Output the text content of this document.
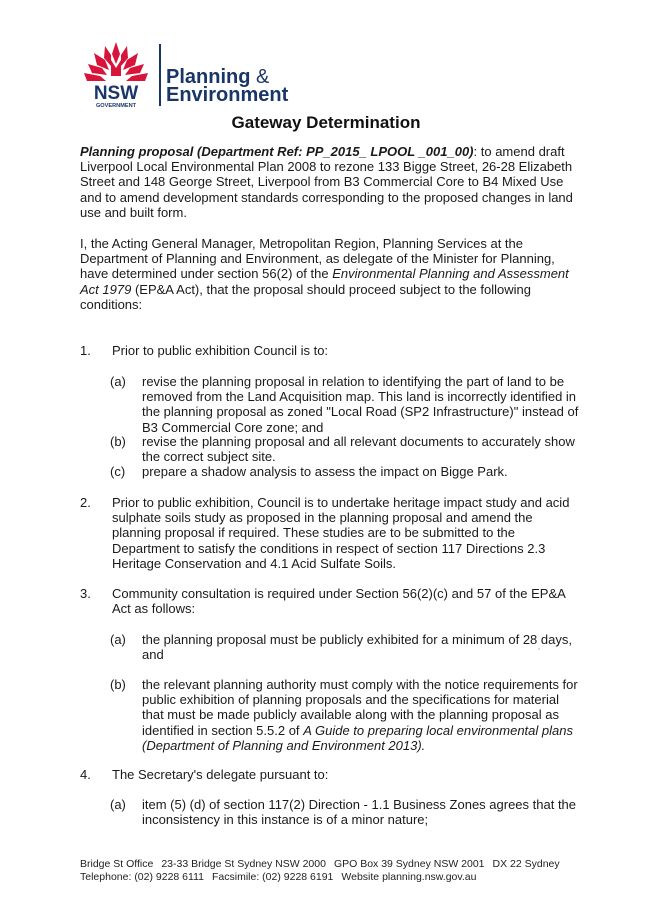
NSW
GOVERNMENT
Planning &
Environment
Gateway Determination
Planning proposal (Department Ref: PP_2015_ LPOOL _001_00): to amend draft Liverpool Local Environmental Plan 2008 to rezone 133 Bigge Street, 26-28 Elizabeth Street and 148 George Street, Liverpool from B3 Commercial Core to B4 Mixed Use and to amend development standards corresponding to the proposed changes in land use and built form.
I, the Acting General Manager, Metropolitan Region, Planning Services at the Department of Planning and Environment, as delegate of the Minister for Planning, have determined under section 56(2) of the Environmental Planning and Assessment Act 1979 (EP&A Act), that the proposal should proceed subject to the following conditions:
1. Prior to public exhibition Council is to:
(a) revise the planning proposal in relation to identifying the part of land to be removed from the Land Acquisition map. This land is incorrectly identified in the planning proposal as zoned "Local Road (SP2 Infrastructure)" instead of B3 Commercial Core zone; and
(b) revise the planning proposal and all relevant documents to accurately show the correct subject site.
(c) prepare a shadow analysis to assess the impact on Bigge Park.
2. Prior to public exhibition, Council is to undertake heritage impact study and acid sulphate soils study as proposed in the planning proposal and amend the planning proposal if required. These studies are to be submitted to the Department to satisfy the conditions in respect of section 117 Directions 2.3 Heritage Conservation and 4.1 Acid Sulfate Soils.
3. Community consultation is required under Section 56(2)(c) and 57 of the EP&A Act as follows:
(a) the planning proposal must be publicly exhibited for a minimum of 28 days, and
(b) the relevant planning authority must comply with the notice requirements for public exhibition of planning proposals and the specifications for material that must be made publicly available along with the planning proposal as identified in section 5.5.2 of A Guide to preparing local environmental plans (Department of Planning and Environment 2013).
4. The Secretary's delegate pursuant to:
(a) item (5) (d) of section 117(2) Direction - 1.1 Business Zones agrees that the inconsistency in this instance is of a minor nature;
Bridge St Office 23-33 Bridge St Sydney NSW 2000 GPO Box 39 Sydney NSW 2001 DX 22 Sydney
Telephone: (02) 9228 6111 Facsimile: (02) 9228 6191 Website planning.nsw.gov.au
